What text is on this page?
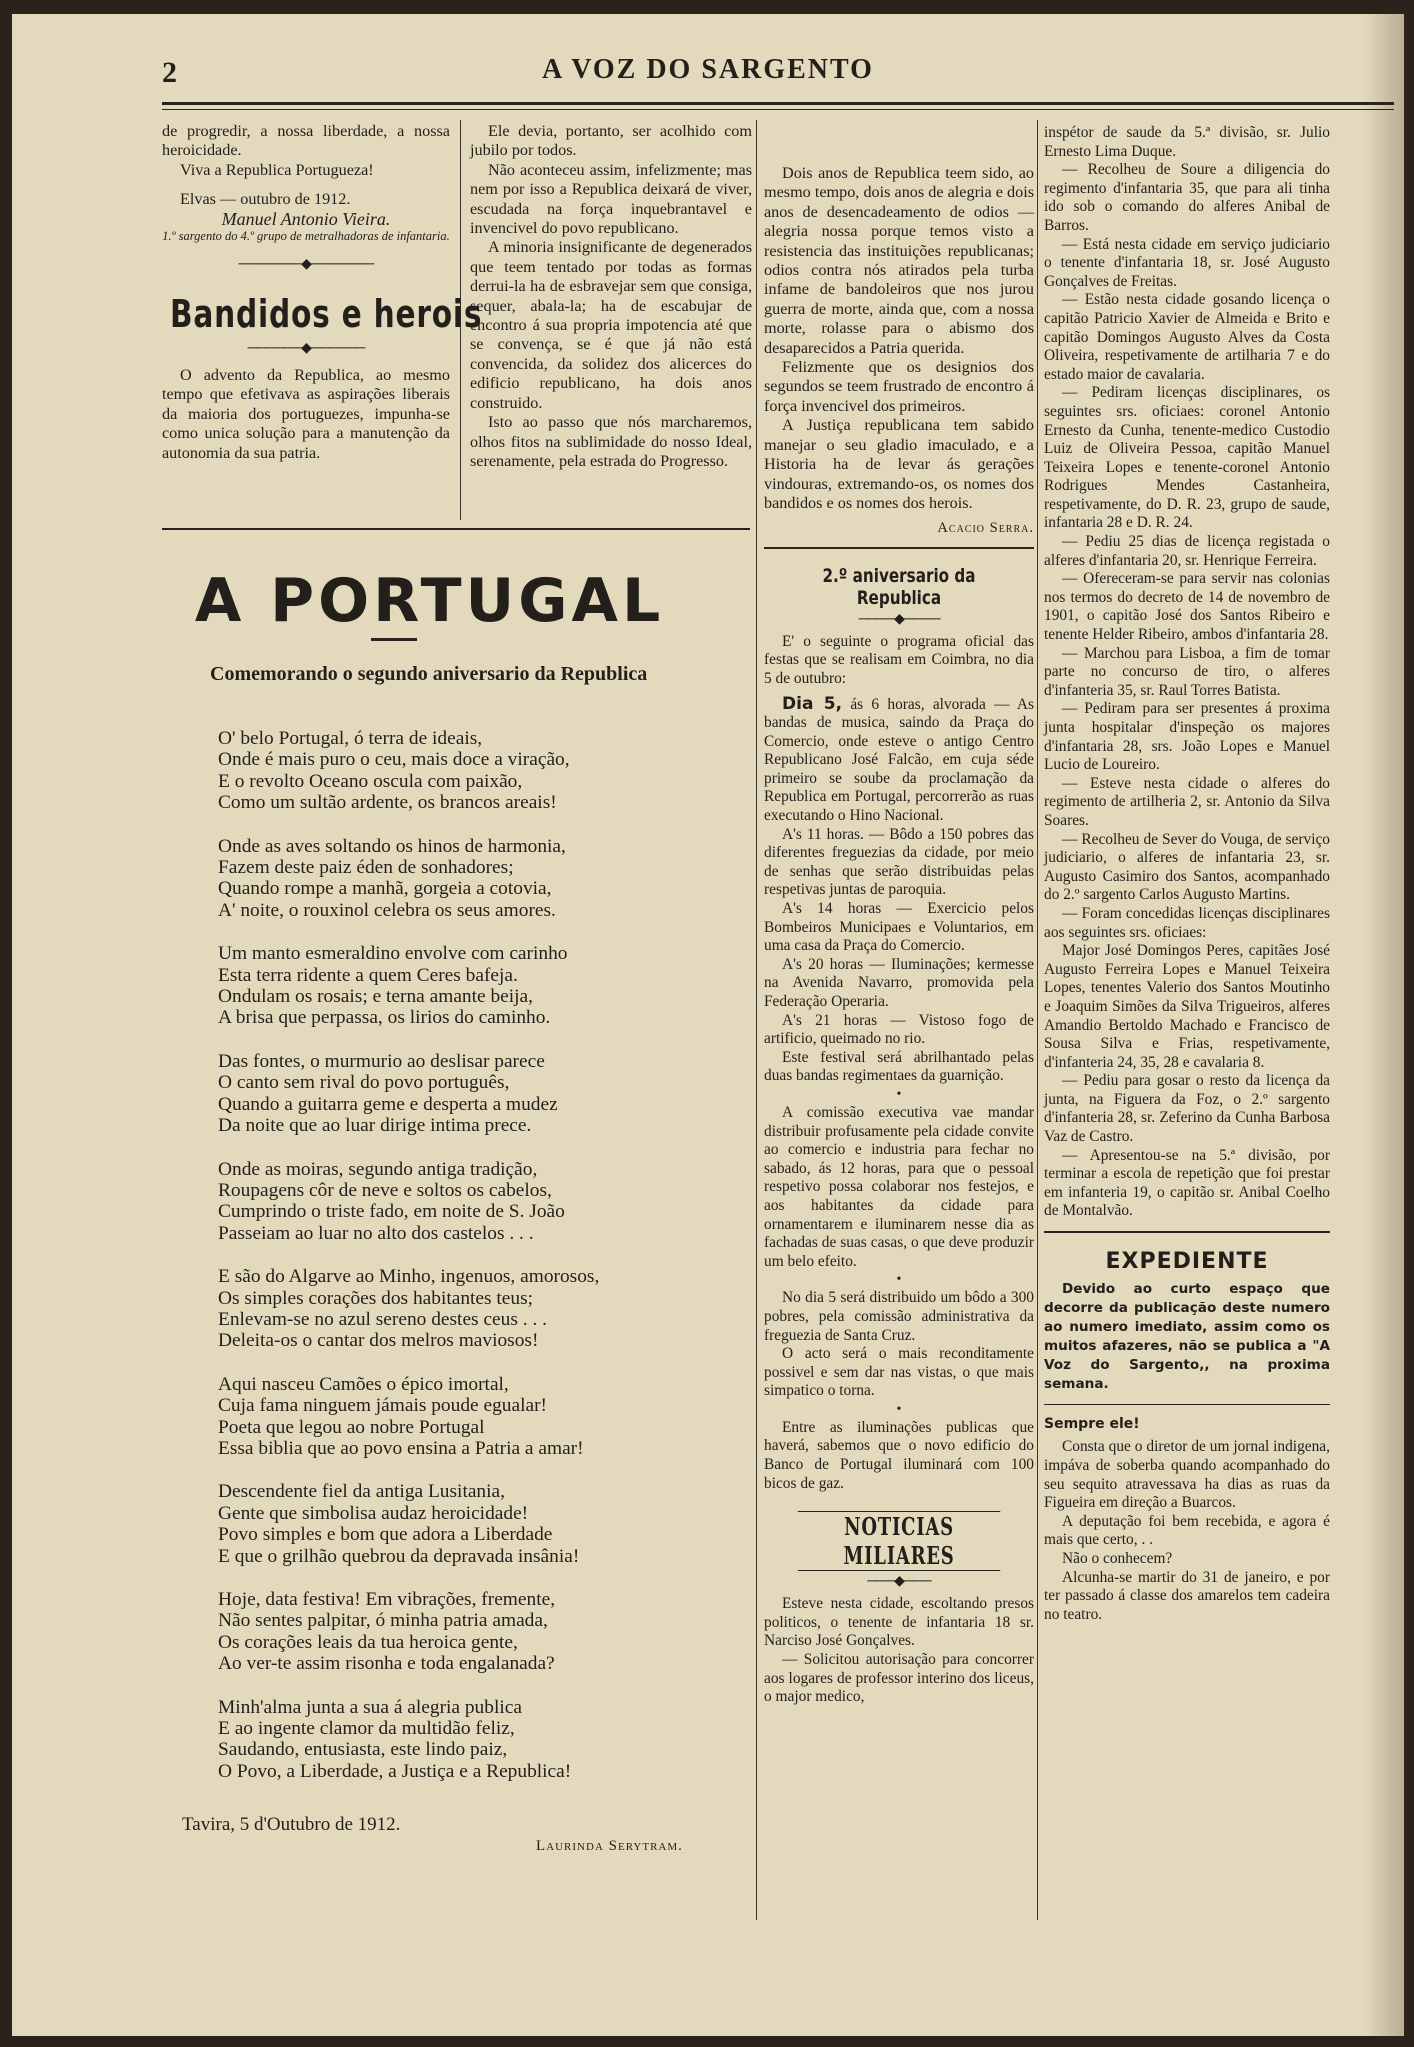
2	A VOZ DO SARGENTO

de progredir, a nossa liberdade, a nossa heroicidade.

Viva a Republica Portugueza!

Elvas — outubro de 1912.

Manuel Antonio Vieira.
1.º sargento do 4.º grupo de metralhadoras de infantaria.
───────◆───────
Bandidos e herois
──────◆──────

O advento da Republica, ao mesmo tempo que efetivava as aspirações liberais da maioria dos portuguezes, impunha-se como unica solução para a manutenção da autonomia da sua patria.

Ele devia, portanto, ser acolhido com jubilo por todos.

Não aconteceu assim, infelizmente; mas nem por isso a Republica deixará de viver, escudada na força inquebrantavel e invencivel do povo republicano.

A minoria insignificante de degenerados que teem tentado por todas as formas derrui-la ha de esbravejar sem que consiga, sequer, abala-la; ha de escabujar de encontro á sua propria impotencia até que se convença, se é que já não está convencida, da solidez dos alicerces do edificio republicano, ha dois anos construido.

Isto ao passo que nós marcharemos, olhos fitos na sublimidade do nosso Ideal, serenamente, pela estrada do Progresso.

A PORTUGAL
Comemorando o segundo aniversario da Republica
O' belo Portugal, ó terra de ideais,
Onde é mais puro o ceu, mais doce a viração,
E o revolto Oceano oscula com paixão,
Como um sultão ardente, os brancos areais!
Onde as aves soltando os hinos de harmonia,
Fazem deste paiz éden de sonhadores;
Quando rompe a manhã, gorgeia a cotovia,
A' noite, o rouxinol celebra os seus amores.
Um manto esmeraldino envolve com carinho
Esta terra ridente a quem Ceres bafeja.
Ondulam os rosais; e terna amante beija,
A brisa que perpassa, os lirios do caminho.
Das fontes, o murmurio ao deslisar parece
O canto sem rival do povo português,
Quando a guitarra geme e desperta a mudez
Da noite que ao luar dirige intima prece.
Onde as moiras, segundo antiga tradição,
Roupagens côr de neve e soltos os cabelos,
Cumprindo o triste fado, em noite de S. João
Passeiam ao luar no alto dos castelos . . .
E são do Algarve ao Minho, ingenuos, amorosos,
Os simples corações dos habitantes teus;
Enlevam-se no azul sereno destes ceus . . .
Deleita-os o cantar dos melros maviosos!
Aqui nasceu Camões o épico imortal,
Cuja fama ninguem jámais poude egualar!
Poeta que legou ao nobre Portugal
Essa biblia que ao povo ensina a Patria a amar!
Descendente fiel da antiga Lusitania,
Gente que simbolisa audaz heroicidade!
Povo simples e bom que adora a Liberdade
E que o grilhão quebrou da depravada insânia!
Hoje, data festiva! Em vibrações, fremente,
Não sentes palpitar, ó minha patria amada,
Os corações leais da tua heroica gente,
Ao ver-te assim risonha e toda engalanada?
Minh'alma junta a sua á alegria publica
E ao ingente clamor da multidão feliz,
Saudando, entusiasta, este lindo paiz,
O Povo, a Liberdade, a Justiça e a Republica!
Tavira, 5 d'Outubro de 1912.
Laurinda Serytram.

Dois anos de Republica teem sido, ao mesmo tempo, dois anos de alegria e dois anos de desencadeamento de odios — alegria nossa porque temos visto a resistencia das instituições republicanas; odios contra nós atirados pela turba infame de bandoleiros que nos jurou guerra de morte, ainda que, com a nossa morte, rolasse para o abismo dos desaparecidos a Patria querida.

Felizmente que os designios dos segundos se teem frustrado de encontro á força invencivel dos primeiros.

A Justiça republicana tem sabido manejar o seu gladio imaculado, e a Historia ha de levar ás gerações vindouras, extremando-os, os nomes dos bandidos e os nomes dos herois.

Acacio Serra.
2.º aniversario da Republica
────◆────

E' o seguinte o programa oficial das festas que se realisam em Coimbra, no dia 5 de outubro:

Dia 5, ás 6 horas, alvorada — As bandas de musica, saindo da Praça do Comercio, onde esteve o antigo Centro Republicano José Falcão, em cuja séde primeiro se soube da proclamação da Republica em Portugal, percorrerão as ruas executando o Hino Nacional.

A's 11 horas. — Bôdo a 150 pobres das diferentes freguezias da cidade, por meio de senhas que serão distribuidas pelas respetivas juntas de paroquia.

A's 14 horas — Exercicio pelos Bombeiros Municipaes e Voluntarios, em uma casa da Praça do Comercio.

A's 20 horas — Iluminações; kermesse na Avenida Navarro, promovida pela Federação Operaria.

A's 21 horas — Vistoso fogo de artificio, queimado no rio.

Este festival será abrilhantado pelas duas bandas regimentaes da guarnição.

•

A comissão executiva vae mandar distribuir profusamente pela cidade convite ao comercio e industria para fechar no sabado, ás 12 horas, para que o pessoal respetivo possa colaborar nos festejos, e aos habitantes da cidade para ornamentarem e iluminarem nesse dia as fachadas de suas casas, o que deve produzir um belo efeito.

•

No dia 5 será distribuido um bôdo a 300 pobres, pela comissão administrativa da freguezia de Santa Cruz.

O acto será o mais reconditamente possivel e sem dar nas vistas, o que mais simpatico o torna.

•

Entre as iluminações publicas que haverá, sabemos que o novo edificio do Banco de Portugal iluminará com 100 bicos de gaz.

NOTICIAS MILIARES
───◆───

Esteve nesta cidade, escoltando presos politicos, o tenente de infantaria 18 sr. Narciso José Gonçalves.

— Solicitou autorisação para concorrer aos logares de professor interino dos liceus, o major medico,

inspétor de saude da 5.ª divisão, sr. Julio Ernesto Lima Duque.

— Recolheu de Soure a diligencia do regimento d'infantaria 35, que para ali tinha ido sob o comando do alferes Anibal de Barros.

— Está nesta cidade em serviço judiciario o tenente d'infantaria 18, sr. José Augusto Gonçalves de Freitas.

— Estão nesta cidade gosando licença o capitão Patricio Xavier de Almeida e Brito e capitão Domingos Augusto Alves da Costa Oliveira, respetivamente de artilharia 7 e do estado maior de cavalaria.

— Pediram licenças disciplinares, os seguintes srs. oficiaes: coronel Antonio Ernesto da Cunha, tenente-medico Custodio Luiz de Oliveira Pessoa, capitão Manuel Teixeira Lopes e tenente-coronel Antonio Rodrigues Mendes Castanheira, respetivamente, do D. R. 23, grupo de saude, infantaria 28 e D. R. 24.

— Pediu 25 dias de licença registada o alferes d'infantaria 20, sr. Henrique Ferreira.

— Ofereceram-se para servir nas colonias nos termos do decreto de 14 de novembro de 1901, o capitão José dos Santos Ribeiro e tenente Helder Ribeiro, ambos d'infantaria 28.

— Marchou para Lisboa, a fim de tomar parte no concurso de tiro, o alferes d'infanteria 35, sr. Raul Torres Batista.

— Pediram para ser presentes á proxima junta hospitalar d'inspeção os majores d'infantaria 28, srs. João Lopes e Manuel Lucio de Loureiro.

— Esteve nesta cidade o alferes do regimento de artilheria 2, sr. Antonio da Silva Soares.

— Recolheu de Sever do Vouga, de serviço judiciario, o alferes de infantaria 23, sr. Augusto Casimiro dos Santos, acompanhado do 2.º sargento Carlos Augusto Martins.

— Foram concedidas licenças disciplinares aos seguintes srs. oficiaes:

Major José Domingos Peres, capitães José Augusto Ferreira Lopes e Manuel Teixeira Lopes, tenentes Valerio dos Santos Moutinho e Joaquim Simões da Silva Trigueiros, alferes Amandio Bertoldo Machado e Francisco de Sousa Silva e Frias, respetivamente, d'infanteria 24, 35, 28 e cavalaria 8.

— Pediu para gosar o resto da licença da junta, na Figuera da Foz, o 2.º sargento d'infanteria 28, sr. Zeferino da Cunha Barbosa Vaz de Castro.

— Apresentou-se na 5.ª divisão, por terminar a escola de repetição que foi prestar em infanteria 19, o capitão sr. Anibal Coelho de Montalvão.

EXPEDIENTE

Devido ao curto espaço que decorre da publicação deste numero ao numero imediato, assim como os muitos afazeres, não se publica a "A Voz do Sargento,, na proxima semana.

Sempre ele!

Consta que o diretor de um jornal indigena, impáva de soberba quando acompanhado do seu sequito atravessava ha dias as ruas da Figueira em direção a Buarcos.

A deputação foi bem recebida, e agora é mais que certo, . .

Não o conhecem?

Alcunha-se martir do 31 de janeiro, e por ter passado á classe dos amarelos tem cadeira no teatro.
